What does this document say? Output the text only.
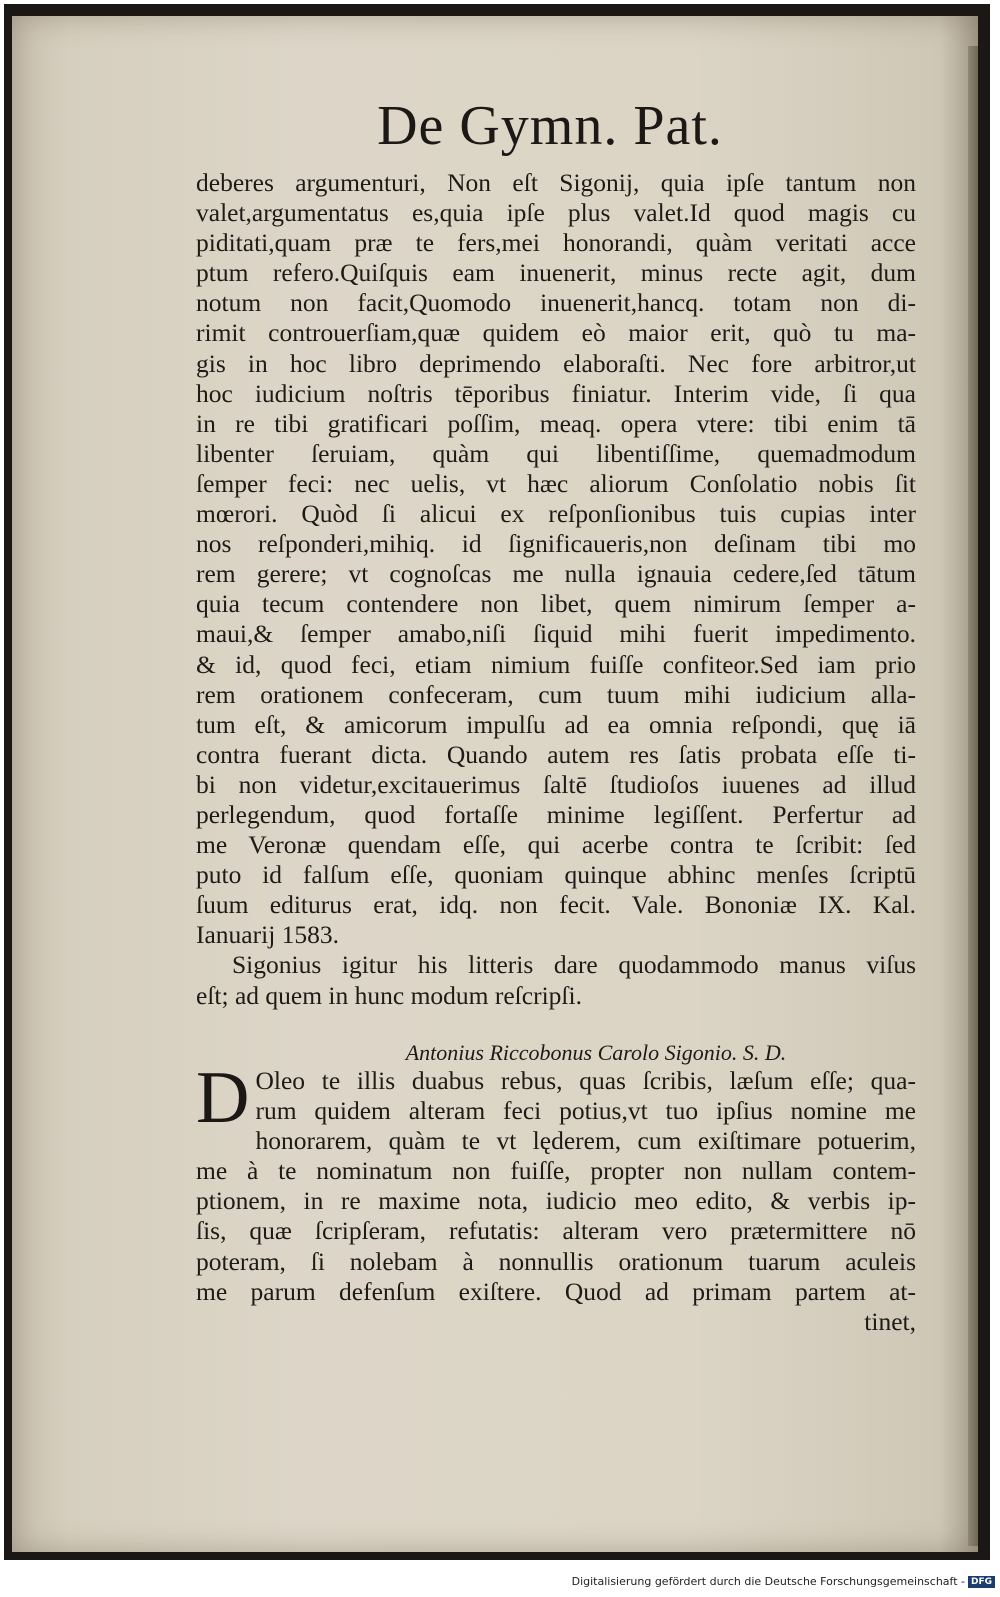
De Gymn. Pat.
deberes argumenturi, Non eſt Sigonij, quia ipſe tantum non
valet,argumentatus es,quia ipſe plus valet.Id quod magis cu
piditati,quam præ te fers,mei honorandi, quàm veritati acce
ptum refero.Quiſquis eam inuenerit, minus recte agit, dum
notum non facit,Quomodo inuenerit,hancq. totam non di-
rimit controuerſiam,quæ quidem eò maior erit, quò tu ma-
gis in hoc libro deprimendo elaboraſti. Nec fore arbitror,ut
hoc iudicium noſtris tēporibus finiatur. Interim vide, ſi qua
in re tibi gratificari poſſim, meaq. opera vtere: tibi enim tā
libenter ſeruiam, quàm qui libentiſſime, quemadmodum
ſemper feci: nec uelis, vt hæc aliorum Conſolatio nobis ſit
mœrori. Quòd ſi alicui ex reſponſionibus tuis cupias inter
nos reſponderi,mihiq. id ſignificaueris,non deſinam tibi mo
rem gerere; vt cognoſcas me nulla ignauia cedere,ſed tātum
quia tecum contendere non libet, quem nimirum ſemper a-
maui,& ſemper amabo,niſi ſiquid mihi fuerit impedimento.
& id, quod feci, etiam nimium fuiſſe confiteor.Sed iam prio
rem orationem confeceram, cum tuum mihi iudicium alla-
tum eſt, & amicorum impulſu ad ea omnia reſpondi, quę iā
contra fuerant dicta. Quando autem res ſatis probata eſſe ti-
bi non videtur,excitauerimus ſaltē ſtudioſos iuuenes ad illud
perlegendum, quod fortaſſe minime legiſſent. Perfertur ad
me Veronæ quendam eſſe, qui acerbe contra te ſcribit: ſed
puto id falſum eſſe, quoniam quinque abhinc menſes ſcriptū
ſuum editurus erat, idq. non fecit. Vale. Bononiæ IX. Kal.
Ianuarij 1583.
Sigonius igitur his litteris dare quodammodo manus viſus
eſt; ad quem in hunc modum reſcripſi.
Antonius Riccobonus Carolo Sigonio. S. D.
D Oleo te illis duabus rebus, quas ſcribis, læſum eſſe; qua-
rum quidem alteram feci potius,vt tuo ipſius nomine me
honorarem, quàm te vt lęderem, cum exiſtimare potuerim,
me à te nominatum non fuiſſe, propter non nullam contem-
ptionem, in re maxime nota, iudicio meo edito, & verbis ip-
ſis, quæ ſcripſeram, refutatis: alteram vero prætermittere nō
poteram, ſi nolebam à nonnullis orationum tuarum aculeis
me parum defenſum exiſtere. Quod ad primam partem at-
tinet,
Digitalisierung gefördert durch die Deutsche Forschungsgemeinschaft - DFG
